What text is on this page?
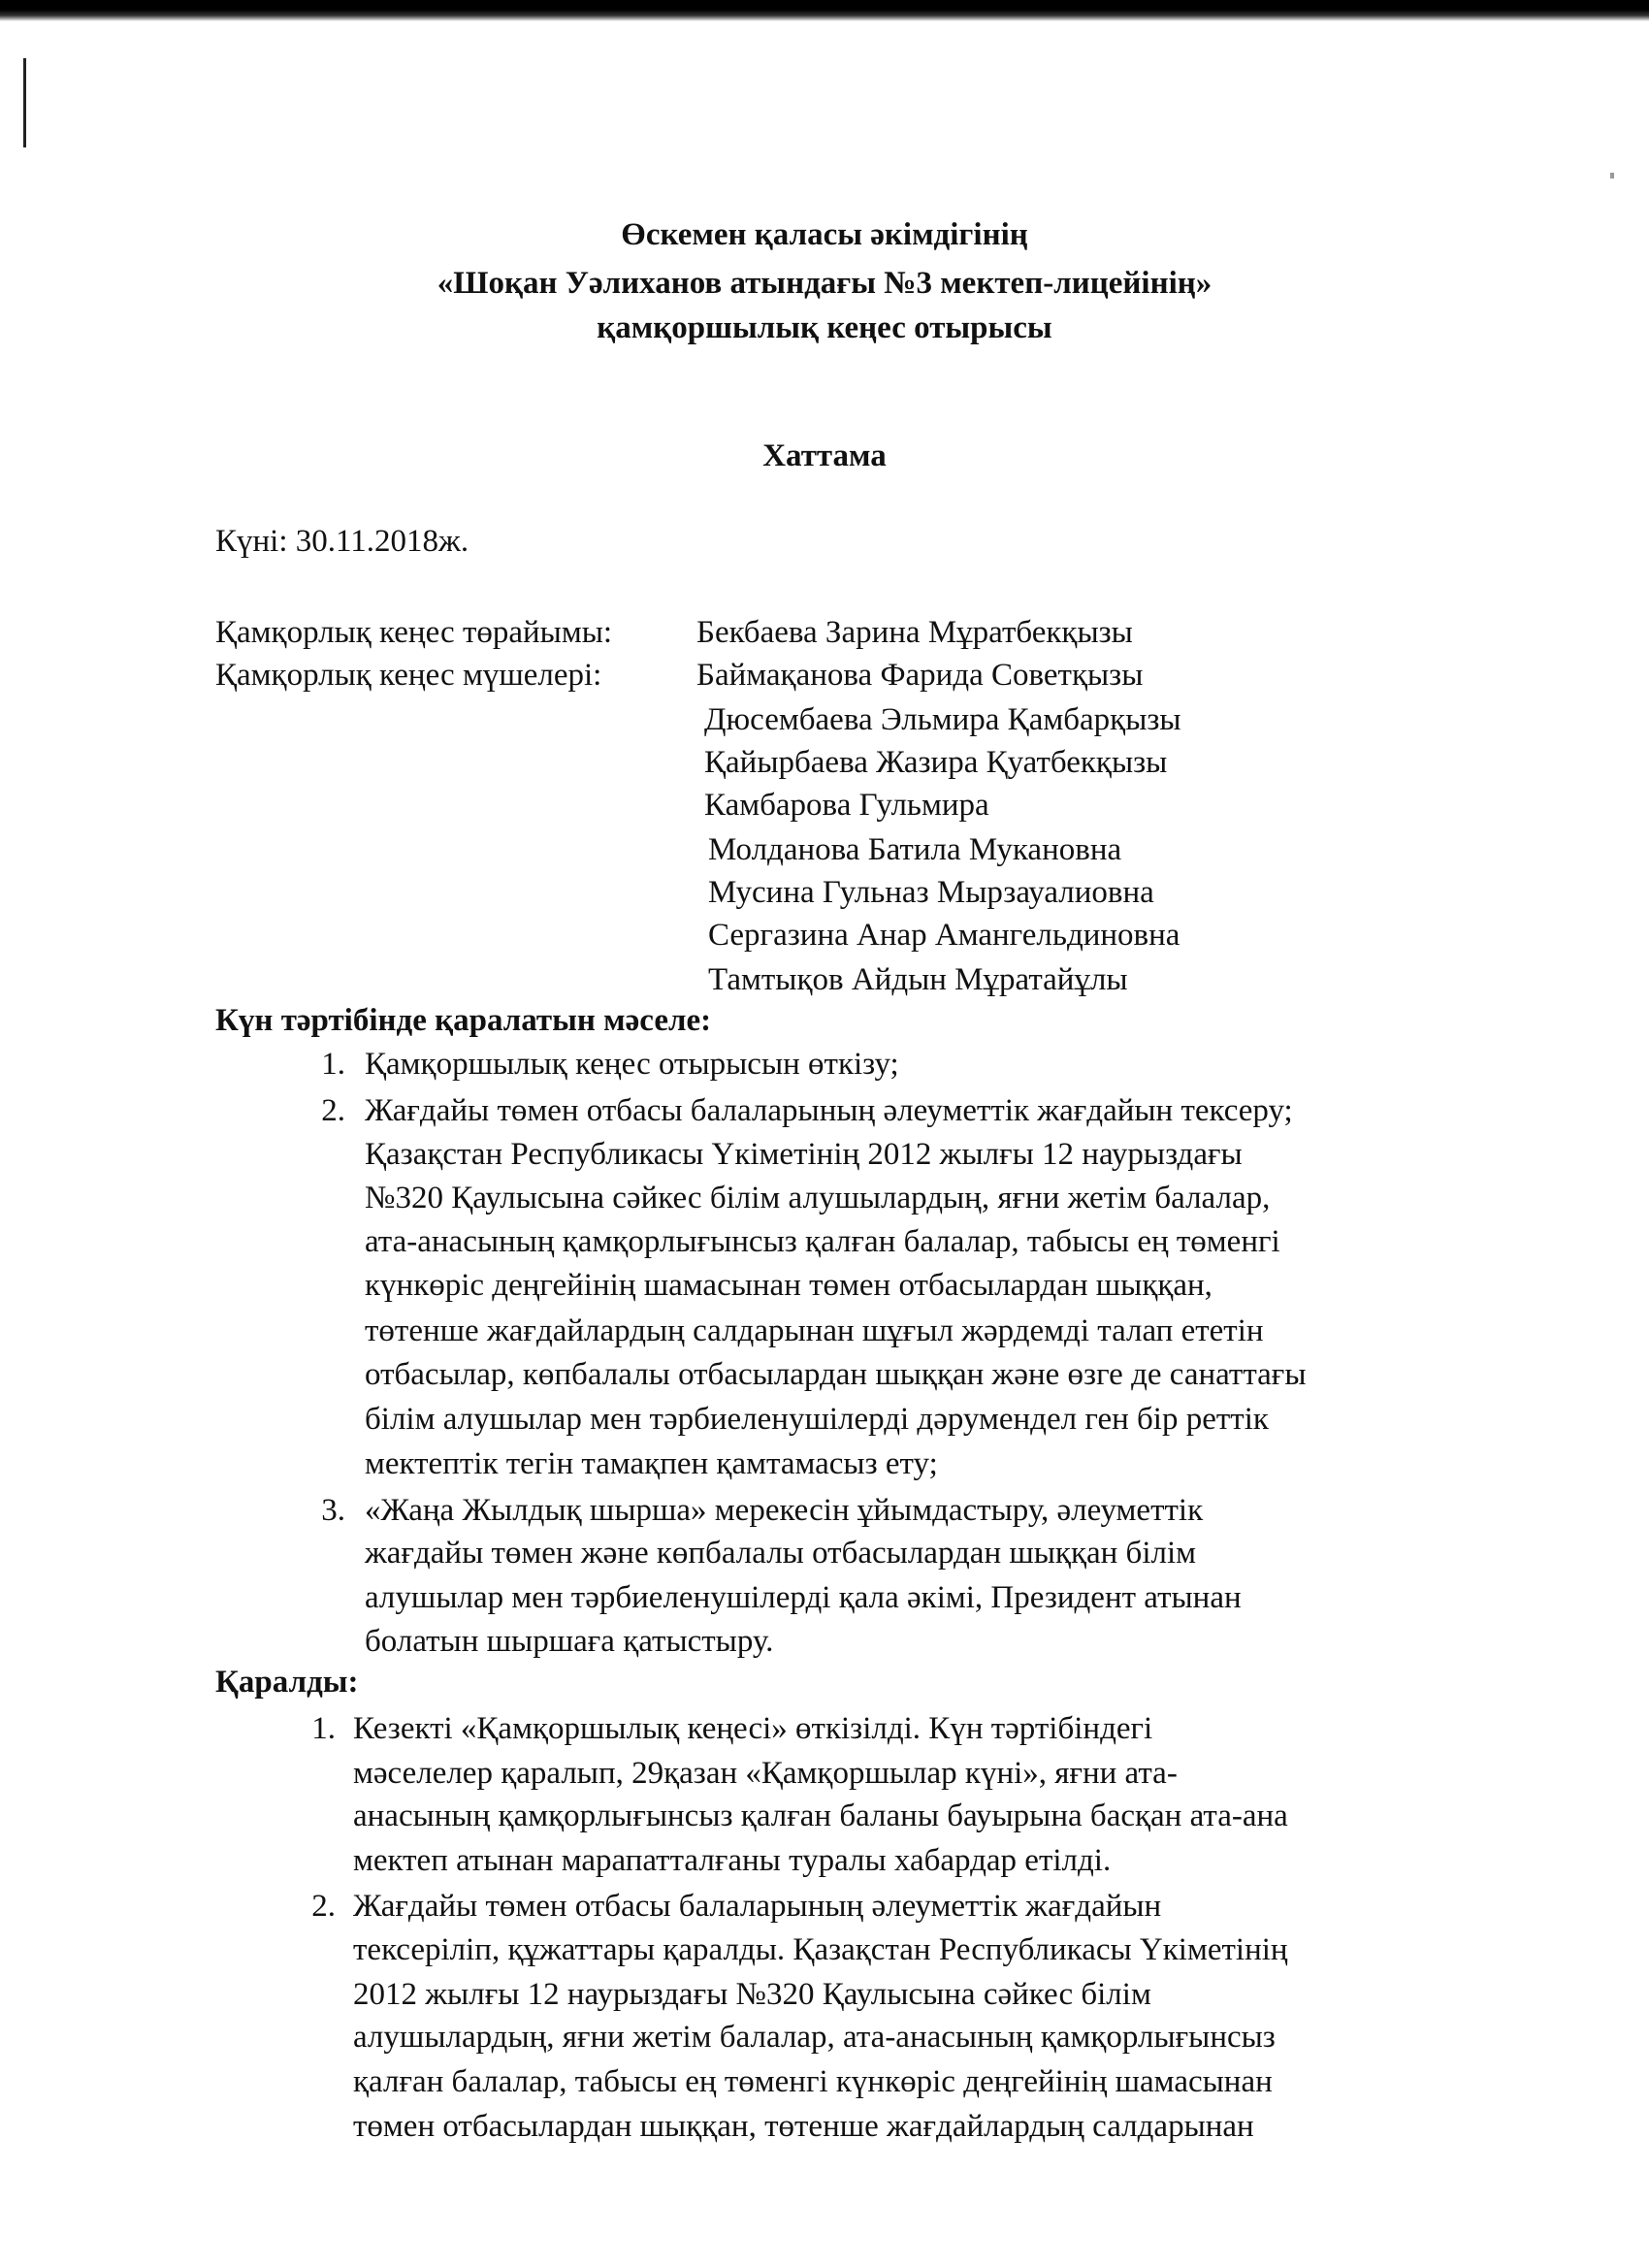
Өскемен қаласы әкімдігінің

«Шоқан Уәлиханов атындағы №3 мектеп-лицейінің»

қамқоршылық кеңес отырысы

Хаттама

Күні: 30.11.2018ж.

Қамқорлық кеңес төрайымы:	Бекбаева Зарина Мұратбекқызы

Қамқорлық кеңес мүшелері:	Баймақанова Фарида Советқызы

Дюсембаева Эльмира Қамбарқызы

Қайырбаева Жазира Қуатбекқызы

Камбарова Гульмира

Молданова Батила Мукановна

Мусина Гульназ Мырзауалиовна

Сергазина Анар Амангельдиновна

Тамтықов Айдын Мұратайұлы

Күн тәртібінде қаралатын мәселе:

1. Қамқоршылық кеңес отырысын өткізу;

2. Жағдайы төмен отбасы балаларының әлеуметтік жағдайын тексеру;

Қазақстан Республикасы Үкіметінің 2012 жылғы 12 наурыздағы

№320 Қаулысына сәйкес білім алушылардың, яғни жетім балалар,

ата-анасының қамқорлығынсыз қалған балалар, табысы ең төменгі

күнкөріс деңгейінің шамасынан төмен отбасылардан шыққан,

төтенше жағдайлардың салдарынан шұғыл жәрдемді талап ететін

отбасылар, көпбалалы отбасылардан шыққан және өзге де санаттағы

білім алушылар мен тәрбиеленушілерді дәрумендел ген бір реттік

мектептік тегін тамақпен қамтамасыз ету;

3. «Жаңа Жылдық шырша» мерекесін ұйымдастыру, әлеуметтік

жағдайы төмен және көпбалалы отбасылардан шыққан білім

алушылар мен тәрбиеленушілерді қала әкімі, Президент атынан

болатын шыршаға қатыстыру.

Қаралды:

1. Кезекті «Қамқоршылық кеңесі» өткізілді. Күн тәртібіндегі

мәселелер қаралып, 29қазан «Қамқоршылар күні», яғни ата-

анасының қамқорлығынсыз қалған баланы бауырына басқан ата-ана

мектеп атынан марапатталғаны туралы хабардар етілді.

2. Жағдайы төмен отбасы балаларының әлеуметтік жағдайын

тексеріліп, құжаттары қаралды. Қазақстан Республикасы Үкіметінің

2012 жылғы 12 наурыздағы №320 Қаулысына сәйкес білім

алушылардың, яғни жетім балалар, ата-анасының қамқорлығынсыз

қалған балалар, табысы ең төменгі күнкөріс деңгейінің шамасынан

төмен отбасылардан шыққан, төтенше жағдайлардың салдарынан
